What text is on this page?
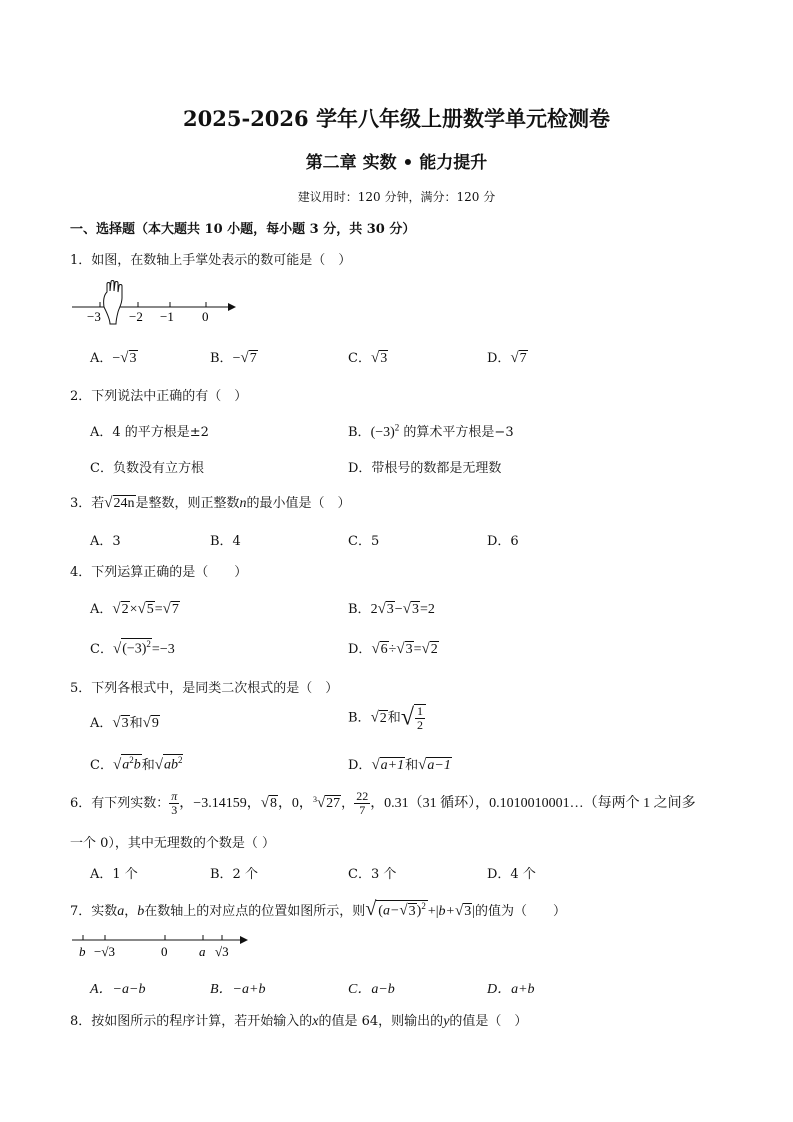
2025-2026 学年八年级上册数学单元检测卷
第二章 实数 • 能力提升
建议用时：120 分钟，满分：120 分
一、选择题（本大题共 10 小题，每小题 3 分，共 30 分）
1．如图，在数轴上手掌处表示的数可能是（　）
−3 −2 −1 0
A．−√3	B．−√7	C．√3	D．√7
2．下列说法中正确的有（　）
A．4 的平方根是±2	B．$(-3)^2$ 的算术平方根是−3
C．负数没有立方根	D．带根号的数都是无理数
3．若√24n是整数，则正整数n的最小值是（　）
A．3	B．4	C．5	D．6
4．下列运算正确的是（　　）
A．√2×√5=√7	B．2√3−√3=2
C．$√(-3)^2=-3$	D．√6÷√3=√2
5．下列各根式中，是同类二次根式的是（　）
A．√3和√9	B．√2和√ $\frac{1}{2}$
C．$√a^2b$和$√ab^2$	D．√a+1和√a−1
6．有下列实数： $\frac{\pi}{3}$ ，−3.14159，√8，0，$^3$√27， $\frac{22}{7}$ ，0.31（31 循环），0.1010010001…（每两个 1 之间多
一个 0），其中无理数的个数是（ ）
A．1 个	B．2 个	C．3 个	D．4 个
7．实数a，b在数轴上的对应点的位置如图所示，则√ $(a-√3)^2 +|b+√3|$的值为（　　）
b −√3	0 a √3
A．−a−b	B．−a+b	C．a−b	D．a+b
8．按如图所示的程序计算，若开始输入的x的值是 64，则输出的y的值是（　）
